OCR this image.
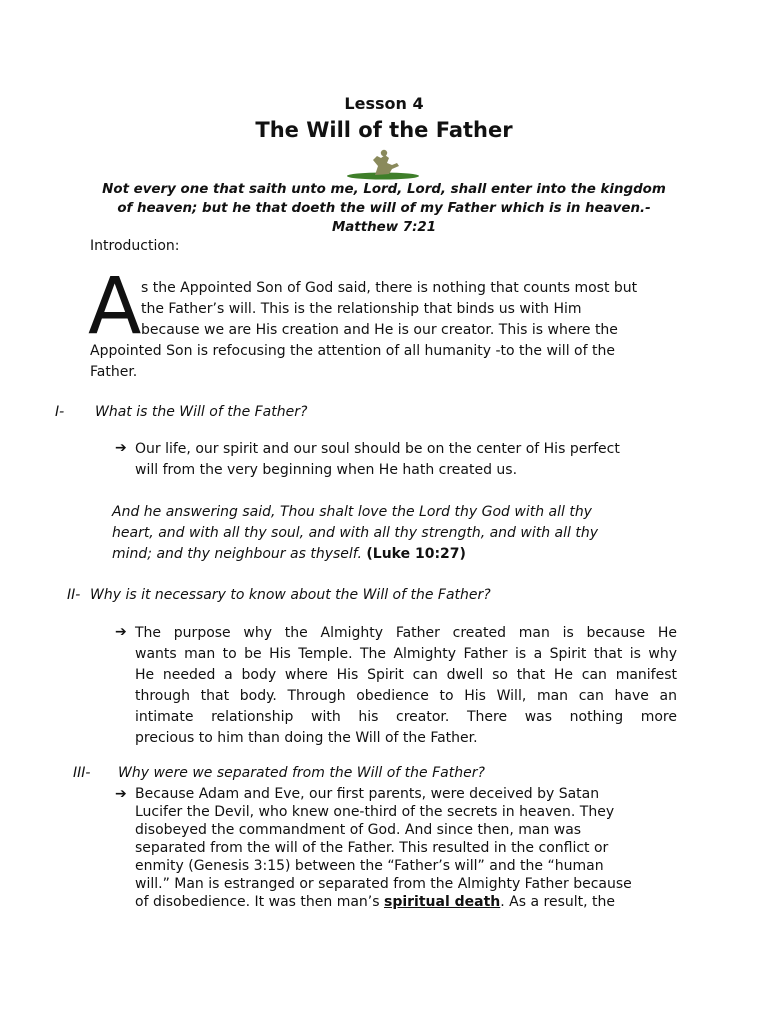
Lesson 4
The Will of the Father
Not every one that saith unto me, Lord, Lord, shall enter into the kingdom
of heaven; but he that doeth the will of my Father which is in heaven.-
Matthew 7:21
Introduction:
A s the Appointed Son of God said, there is nothing that counts most but
the Father’s will. This is the relationship that binds us with Him
because we are His creation and He is our creator. This is where the
Appointed Son is refocusing the attention of all humanity -to the will of the
Father.
I- What is the Will of the Father?
➔ Our life, our spirit and our soul should be on the center of His perfect
will from the very beginning when He hath created us.
And he answering said, Thou shalt love the Lord thy God with all thy
heart, and with all thy soul, and with all thy strength, and with all thy
mind; and thy neighbour as thyself. (Luke 10:27)
II- Why is it necessary to know about the Will of the Father?
➔ The purpose why the Almighty Father created man is because He
wants man to be His Temple. The Almighty Father is a Spirit that is why
He needed a body where His Spirit can dwell so that He can manifest
through that body. Through obedience to His Will, man can have an
intimate relationship with his creator. There was nothing more
precious to him than doing the Will of the Father.
III- Why were we separated from the Will of the Father?
➔ Because Adam and Eve, our first parents, were deceived by Satan
Lucifer the Devil, who knew one-third of the secrets in heaven. They
disobeyed the commandment of God. And since then, man was
separated from the will of the Father. This resulted in the conflict or
enmity (Genesis 3:15) between the “Father’s will” and the “human
will.” Man is estranged or separated from the Almighty Father because
of disobedience. It was then man’s spiritual death. As a result, the
